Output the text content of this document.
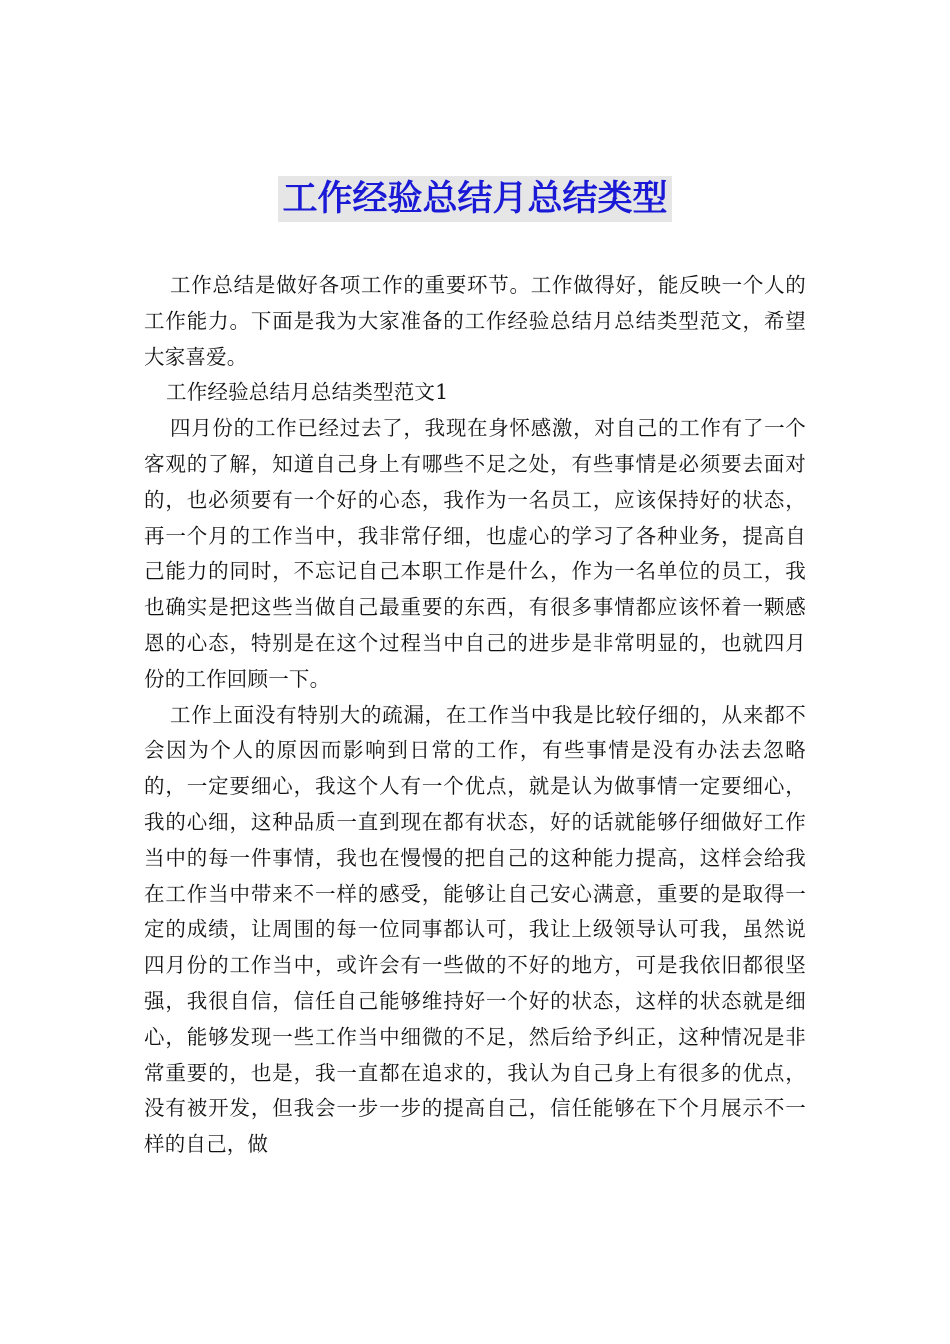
工作经验总结月总结类型

工作总结是做好各项工作的重要环节。工作做得好，能反映一个人的工作能力。下面是我为大家准备的工作经验总结月总结类型范文，希望大家喜爱。

工作经验总结月总结类型范文1

四月份的工作已经过去了，我现在身怀感激，对自己的工作有了一个客观的了解，知道自己身上有哪些不足之处，有些事情是必须要去面对的，也必须要有一个好的心态，我作为一名员工，应该保持好的状态，再一个月的工作当中，我非常仔细，也虚心的学习了各种业务，提高自己能力的同时，不忘记自己本职工作是什么，作为一名单位的员工，我也确实是把这些当做自己最重要的东西，有很多事情都应该怀着一颗感恩的心态，特别是在这个过程当中自己的进步是非常明显的，也就四月份的工作回顾一下。

工作上面没有特别大的疏漏，在工作当中我是比较仔细的，从来都不会因为个人的原因而影响到日常的工作，有些事情是没有办法去忽略的，一定要细心，我这个人有一个优点，就是认为做事情一定要细心，我的心细，这种品质一直到现在都有状态，好的话就能够仔细做好工作当中的每一件事情，我也在慢慢的把自己的这种能力提高，这样会给我在工作当中带来不一样的感受，能够让自己安心满意，重要的是取得一定的成绩，让周围的每一位同事都认可，我让上级领导认可我，虽然说四月份的工作当中，或许会有一些做的不好的地方，可是我依旧都很坚强，我很自信，信任自己能够维持好一个好的状态，这样的状态就是细心，能够发现一些工作当中细微的不足，然后给予纠正，这种情况是非常重要的，也是，我一直都在追求的，我认为自己身上有很多的优点，没有被开发，但我会一步一步的提高自己，信任能够在下个月展示不一样的自己，做
